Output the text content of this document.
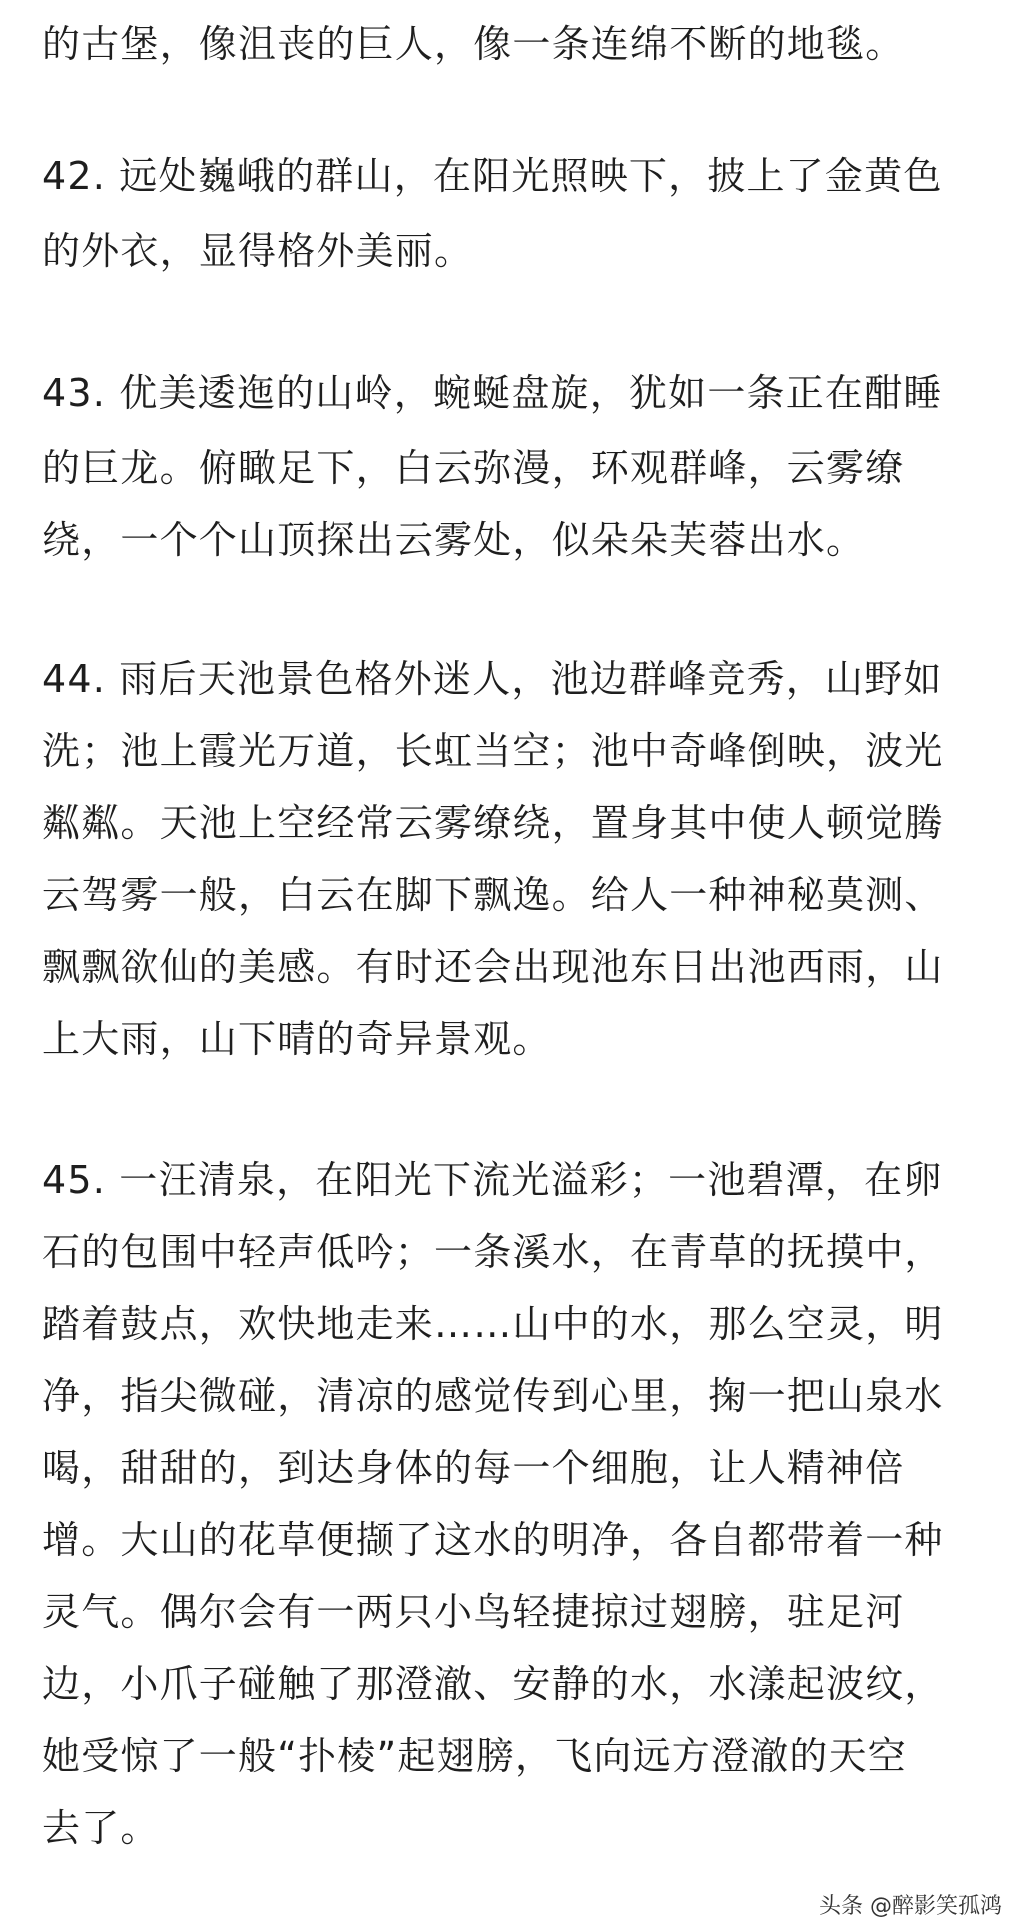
的古堡，像沮丧的巨人，像一条连绵不断的地毯。
42. 远处巍峨的群山，在阳光照映下，披上了金黄色
的外衣，显得格外美丽。
43. 优美逶迤的山岭，蜿蜒盘旋，犹如一条正在酣睡
的巨龙。俯瞰足下，白云弥漫，环观群峰，云雾缭
绕，一个个山顶探出云雾处，似朵朵芙蓉出水。
44. 雨后天池景色格外迷人，池边群峰竞秀，山野如
洗；池上霞光万道，长虹当空；池中奇峰倒映，波光
粼粼。天池上空经常云雾缭绕，置身其中使人顿觉腾
云驾雾一般，白云在脚下飘逸。给人一种神秘莫测、
飘飘欲仙的美感。有时还会出现池东日出池西雨，山
上大雨，山下晴的奇异景观。
45. 一汪清泉，在阳光下流光溢彩；一池碧潭，在卵
石的包围中轻声低吟；一条溪水，在青草的抚摸中，
踏着鼓点，欢快地走来……山中的水，那么空灵，明
净，指尖微碰，清凉的感觉传到心里，掬一把山泉水
喝，甜甜的，到达身体的每一个细胞，让人精神倍
增。大山的花草便撷了这水的明净，各自都带着一种
灵气。偶尔会有一两只小鸟轻捷掠过翅膀，驻足河
边，小爪子碰触了那澄澈、安静的水，水漾起波纹，
她受惊了一般“扑棱”起翅膀，飞向远方澄澈的天空
去了。
头条 @醉影笑孤鸿
